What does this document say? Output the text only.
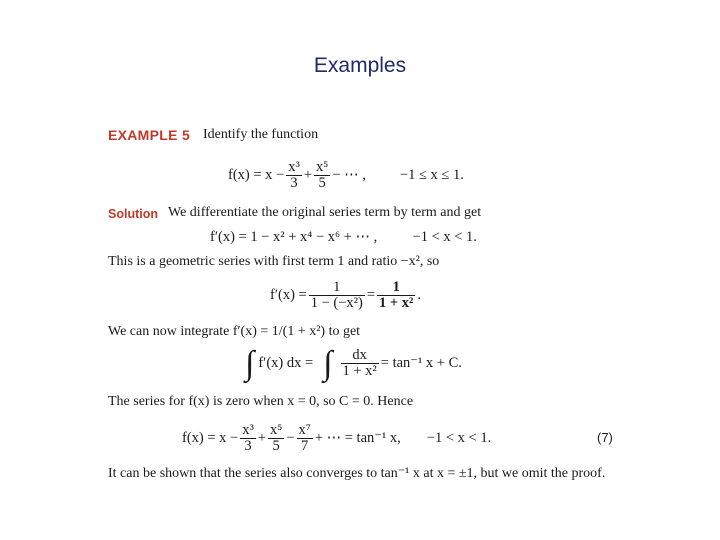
Examples
EXAMPLE 5 Identify the function
$f(x) = x - \frac{\text{x³}}{3} + \frac{\text{x⁵}}{5}$ − ⋯ , −1 ≤ x ≤ 1.
Solution We differentiate the original series term by term and get
f′(x) = 1 − x² + x⁴ − x⁶ + ⋯ , −1 < x < 1.
This is a geometric series with first term 1 and ratio −x², so
$f'(x) = \frac{1}{\text{1 − (−x²)}} = \frac{1}{\text{1 + x²}}$ .
We can now integrate f′(x) = 1/(1 + x²) to get
∫ f′(x) dx = ∫ $\frac{dx}{\text{1 + x²}} = \tan^{-1}$ x + C.
The series for f(x) is zero when x = 0, so C = 0. Hence
$f(x) = x - \frac{\text{x³}}{3} + \frac{\text{x⁵}}{5} - \frac{\text{x⁷}}{7}$ + ⋯ = tan⁻¹ x, −1 < x < 1.	(7)
It can be shown that the series also converges to tan⁻¹ x at x = ±1, but we omit the proof.
